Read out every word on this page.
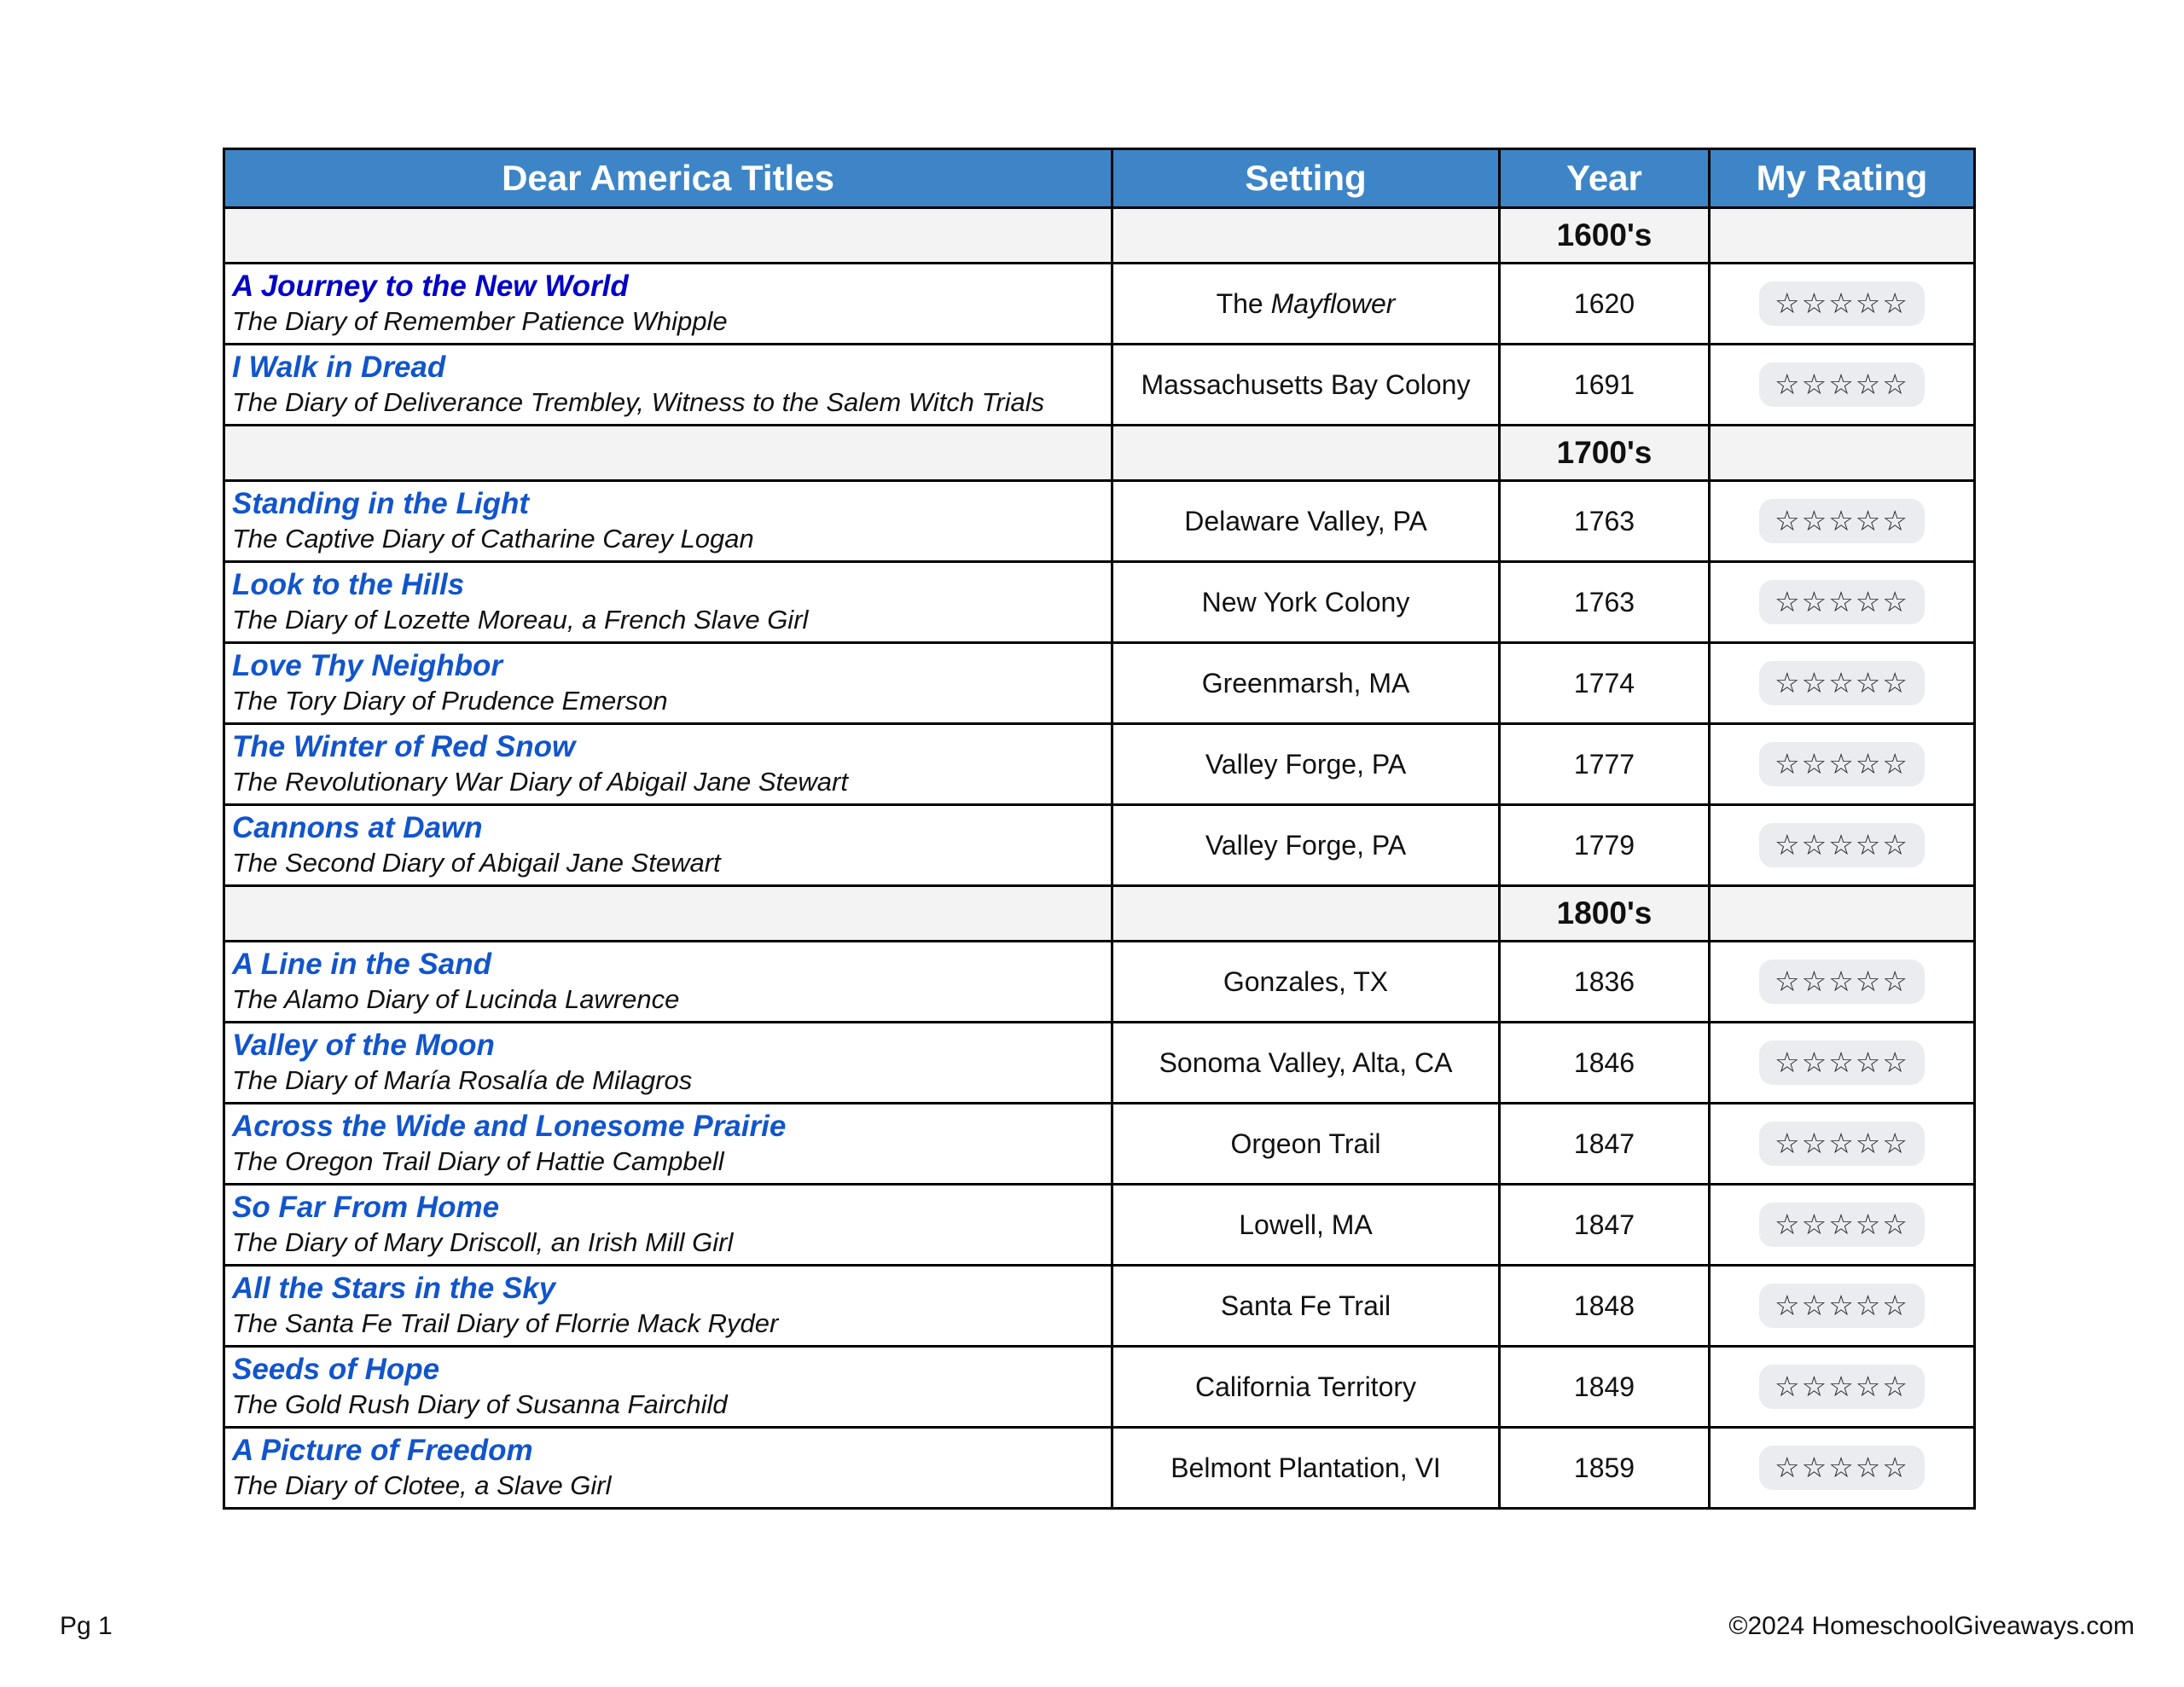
Dear America Titles	Setting	Year	My Rating
		1600's	

A Journey to the New World
The Diary of Remember Patience Whipple	The Mayflower	1620	☆☆☆☆☆

I Walk in Dread
The Diary of Deliverance Trembley, Witness to the Salem Witch Trials	Massachusetts Bay Colony	1691	☆☆☆☆☆
		1700's	

Standing in the Light
The Captive Diary of Catharine Carey Logan	Delaware Valley, PA	1763	☆☆☆☆☆

Look to the Hills
The Diary of Lozette Moreau, a French Slave Girl	New York Colony	1763	☆☆☆☆☆

Love Thy Neighbor
The Tory Diary of Prudence Emerson	Greenmarsh, MA	1774	☆☆☆☆☆

The Winter of Red Snow
The Revolutionary War Diary of Abigail Jane Stewart	Valley Forge, PA	1777	☆☆☆☆☆

Cannons at Dawn
The Second Diary of Abigail Jane Stewart	Valley Forge, PA	1779	☆☆☆☆☆
		1800's	

A Line in the Sand
The Alamo Diary of Lucinda Lawrence	Gonzales, TX	1836	☆☆☆☆☆

Valley of the Moon
The Diary of María Rosalía de Milagros	Sonoma Valley, Alta, CA	1846	☆☆☆☆☆

Across the Wide and Lonesome Prairie
The Oregon Trail Diary of Hattie Campbell	Orgeon Trail	1847	☆☆☆☆☆

So Far From Home
The Diary of Mary Driscoll, an Irish Mill Girl	Lowell, MA	1847	☆☆☆☆☆

All the Stars in the Sky
The Santa Fe Trail Diary of Florrie Mack Ryder	Santa Fe Trail	1848	☆☆☆☆☆

Seeds of Hope
The Gold Rush Diary of Susanna Fairchild	California Territory	1849	☆☆☆☆☆

A Picture of Freedom
The Diary of Clotee, a Slave Girl	Belmont Plantation, VI	1859	☆☆☆☆☆
Pg 1	©2024 HomeschoolGiveaways.com
